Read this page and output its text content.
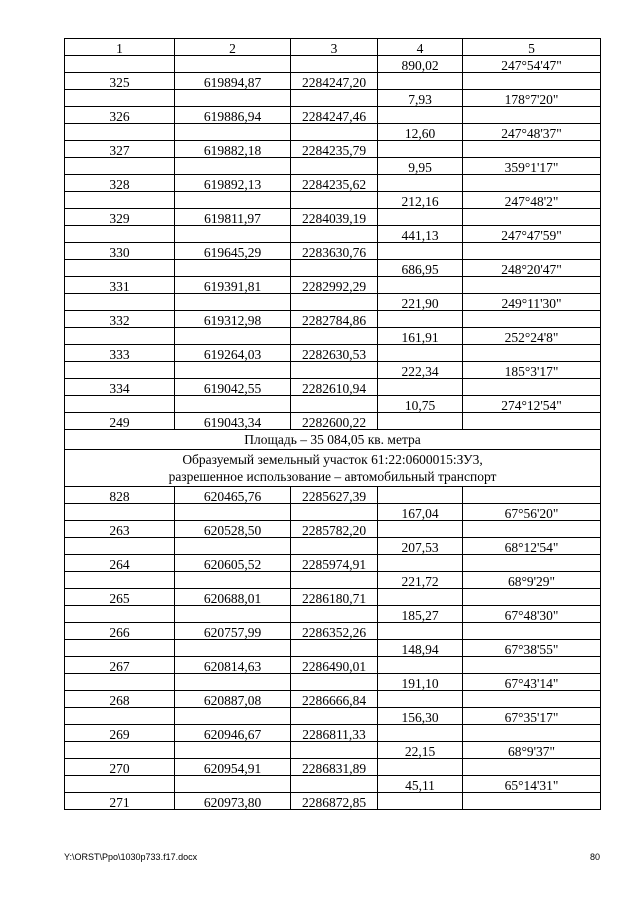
1	2	3	4	5
			890,02	247°54'47"
325	619894,87	2284247,20		
			7,93	178°7'20"
326	619886,94	2284247,46		
			12,60	247°48'37"
327	619882,18	2284235,79		
			9,95	359°1'17"
328	619892,13	2284235,62		
			212,16	247°48'2"
329	619811,97	2284039,19		
			441,13	247°47'59"
330	619645,29	2283630,76		
			686,95	248°20'47"
331	619391,81	2282992,29		
			221,90	249°11'30"
332	619312,98	2282784,86		
			161,91	252°24'8"
333	619264,03	2282630,53		
			222,34	185°3'17"
334	619042,55	2282610,94		
			10,75	274°12'54"
249	619043,34	2282600,22		

Площадь – 35 084,05 кв. метра				

Образуемый земельный участок 61:22:0600015:ЗУ3,
разрешенное использование – автомобильный транспорт				

828	620465,76	2285627,39		
			167,04	67°56'20"
263	620528,50	2285782,20		
			207,53	68°12'54"
264	620605,52	2285974,91		
			221,72	68°9'29"
265	620688,01	2286180,71		
			185,27	67°48'30"
266	620757,99	2286352,26		
			148,94	67°38'55"
267	620814,63	2286490,01		
			191,10	67°43'14"
268	620887,08	2286666,84		
			156,30	67°35'17"
269	620946,67	2286811,33		
			22,15	68°9'37"
270	620954,91	2286831,89		
			45,11	65°14'31"
271	620973,80	2286872,85		
Y:\ORST\Ppo\1030p733.f17.docx	80
